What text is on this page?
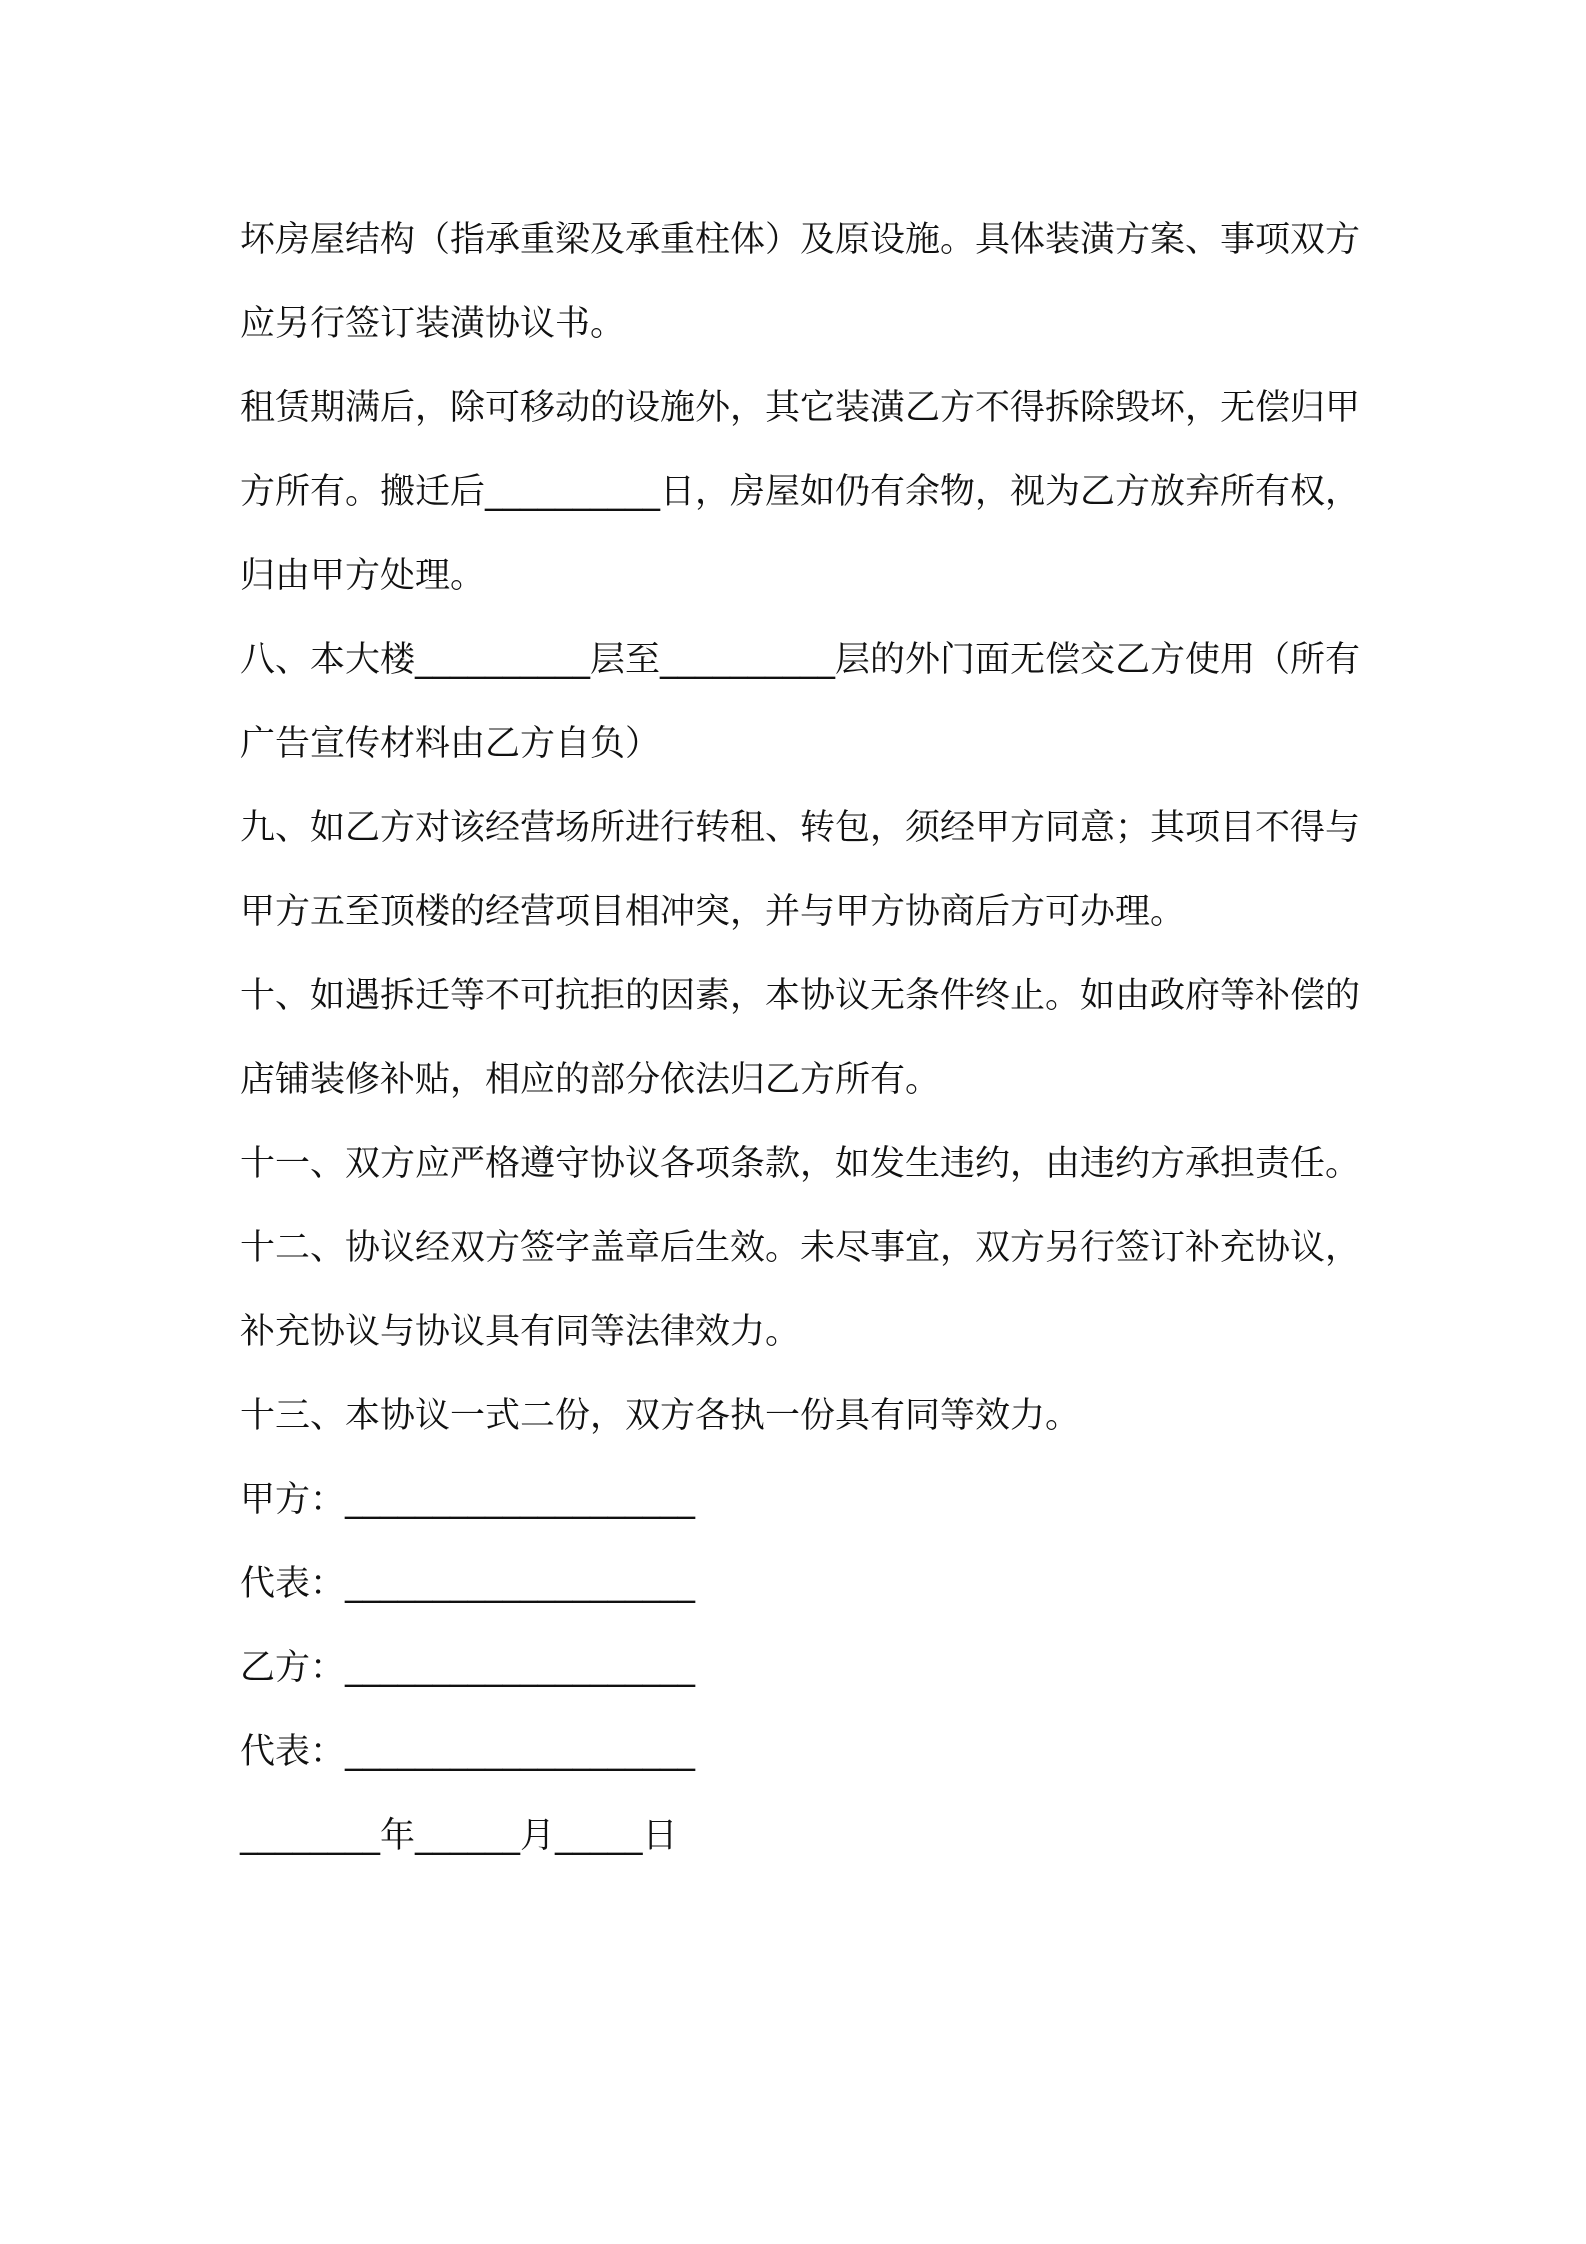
坏房屋结构（指承重梁及承重柱体）及原设施。具体装潢方案、事项双方应另行签订装潢协议书。

租赁期满后，除可移动的设施外，其它装潢乙方不得拆除毁坏，无偿归甲方所有。搬迁后__________日，房屋如仍有余物，视为乙方放弃所有权，归由甲方处理。

八、本大楼__________层至__________层的外门面无偿交乙方使用（所有广告宣传材料由乙方自负）

九、如乙方对该经营场所进行转租、转包，须经甲方同意；其项目不得与甲方五至顶楼的经营项目相冲突，并与甲方协商后方可办理。

十、如遇拆迁等不可抗拒的因素，本协议无条件终止。如由政府等补偿的店铺装修补贴，相应的部分依法归乙方所有。

十一、双方应严格遵守协议各项条款，如发生违约，由违约方承担责任。

十二、协议经双方签字盖章后生效。未尽事宜，双方另行签订补充协议，补充协议与协议具有同等法律效力。

十三、本协议一式二份，双方各执一份具有同等效力。

甲方：____________________

代表：____________________

乙方：____________________

代表：____________________

________年______月_____日
